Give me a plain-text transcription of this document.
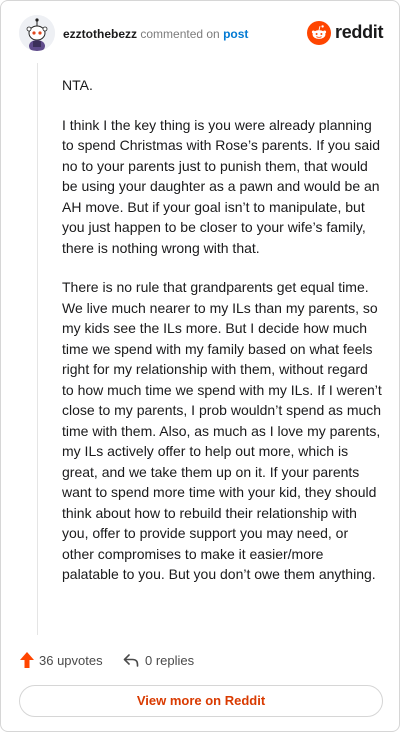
ezztothebezz commented on post	reddit

NTA.

I think I the key thing is you were already planning to spend Christmas with Rose’s parents. If you said no to your parents just to punish them, that would be using your daughter as a pawn and would be an AH move. But if your goal isn’t to manipulate, but you just happen to be closer to your wife’s family, there is nothing wrong with that.

There is no rule that grandparents get equal time. We live much nearer to my ILs than my parents, so my kids see the ILs more. But I decide how much time we spend with my family based on what feels right for my relationship with them, without regard to how much time we spend with my ILs. If I weren’t close to my parents, I prob wouldn’t spend as much time with them. Also, as much as I love my parents, my ILs actively offer to help out more, which is great, and we take them up on it. If your parents want to spend more time with your kid, they should think about how to rebuild their relationship with you, offer to provide support you may need, or other compromises to make it easier/more palatable to you. But you don’t owe them anything.

36 upvotes	0 replies
View more on Reddit
